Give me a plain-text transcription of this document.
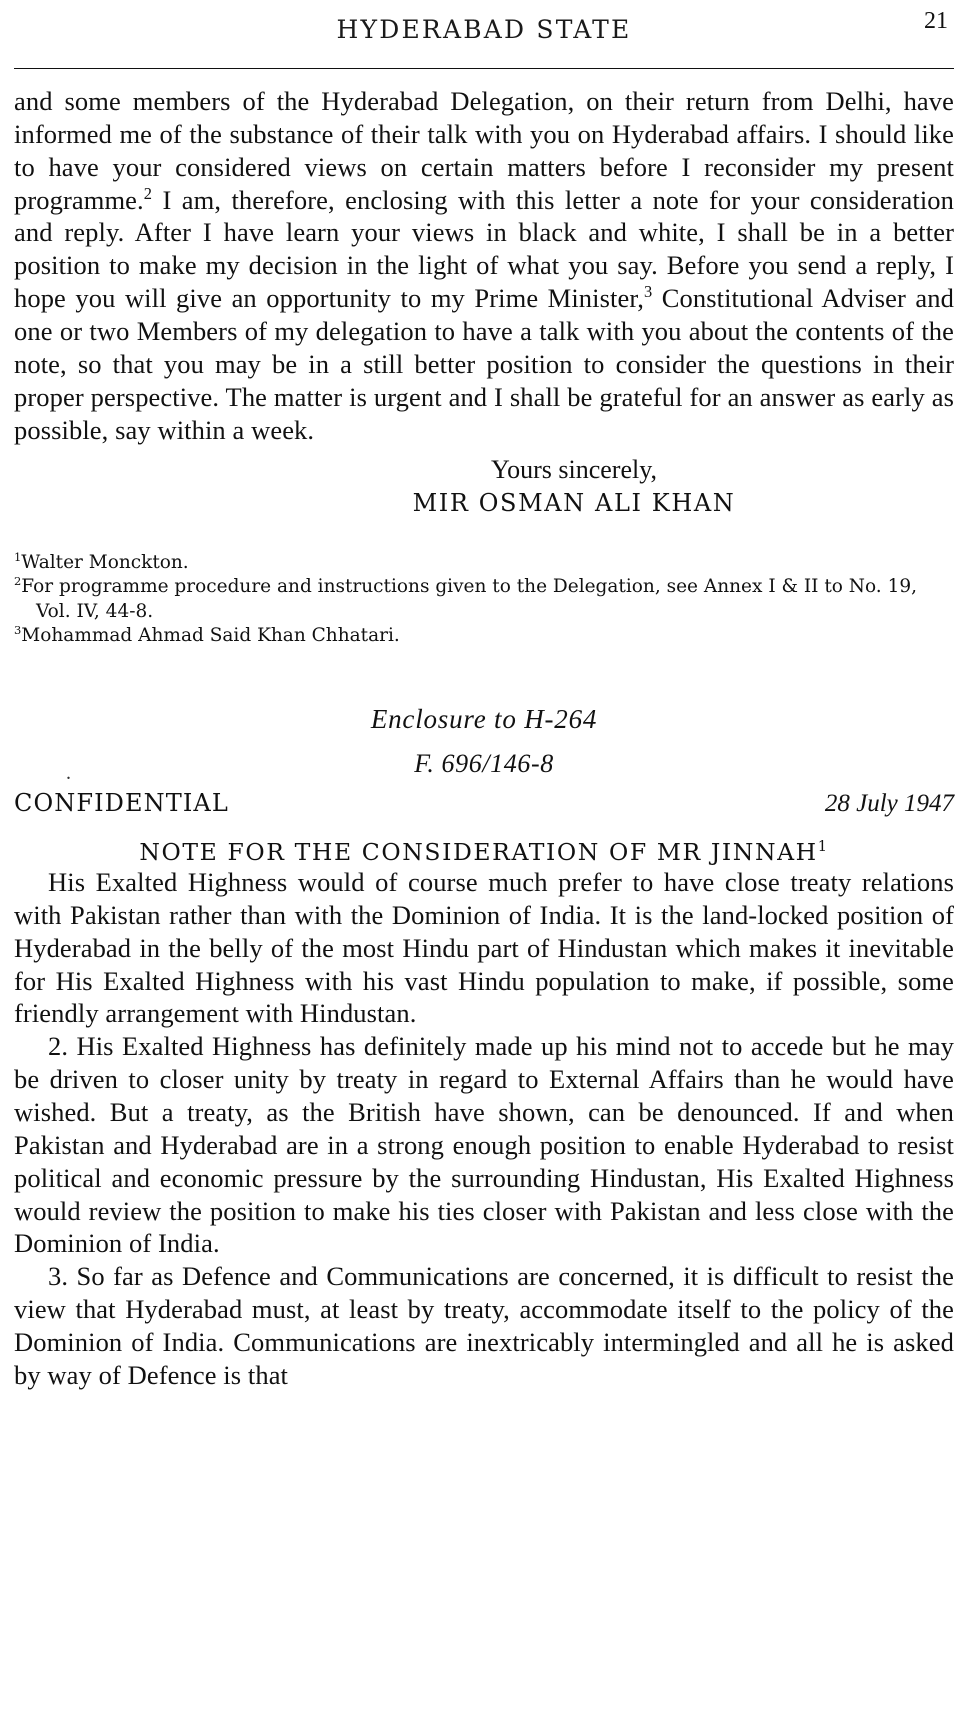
HYDERABAD STATE	21

and some members of the Hyderabad Delegation, on their return from Delhi, have informed me of the substance of their talk with you on Hyderabad affairs. I should like to have your considered views on certain matters before I reconsider my present programme.$^2$ I am, therefore, enclosing with this letter a note for your consideration and reply. After I have learn your views in black and white, I shall be in a better position to make my decision in the light of what you say. Before you send a reply, I hope you will give an opportunity to my Prime Minister,$^3$ Constitutional Adviser and one or two Members of my delegation to have a talk with you about the contents of the note, so that you may be in a still better position to consider the questions in their proper perspective. The matter is urgent and I shall be grateful for an answer as early as possible, say within a week.

Yours sincerely,
MIR OSMAN ALI KHAN
$^1$Walter Monckton.
$^2$For programme procedure and instructions given to the Delegation, see Annex I & II to No. 19,
Vol. IV, 44-8.
$^3$Mohammad Ahmad Said Khan Chhatari.
Enclosure to H-264
F. 696/146-8
CONFIDENTIAL	28 July 1947
NOTE FOR THE CONSIDERATION OF MR JINNAH$^1$

His Exalted Highness would of course much prefer to have close treaty relations with Pakistan rather than with the Dominion of India. It is the land-locked position of Hyderabad in the belly of the most Hindu part of Hindustan which makes it inevitable for His Exalted Highness with his vast Hindu population to make, if possible, some friendly arrangement with Hindustan.

2. His Exalted Highness has definitely made up his mind not to accede but he may be driven to closer unity by treaty in regard to External Affairs than he would have wished. But a treaty, as the British have shown, can be denounced. If and when Pakistan and Hyderabad are in a strong enough position to enable Hyderabad to resist political and economic pressure by the surrounding Hindustan, His Exalted Highness would review the position to make his ties closer with Pakistan and less close with the Dominion of India.

3. So far as Defence and Communications are concerned, it is difficult to resist the view that Hyderabad must, at least by treaty, accommodate itself to the policy of the Dominion of India. Communications are inextricably intermingled and all he is asked by way of Defence is that

.
